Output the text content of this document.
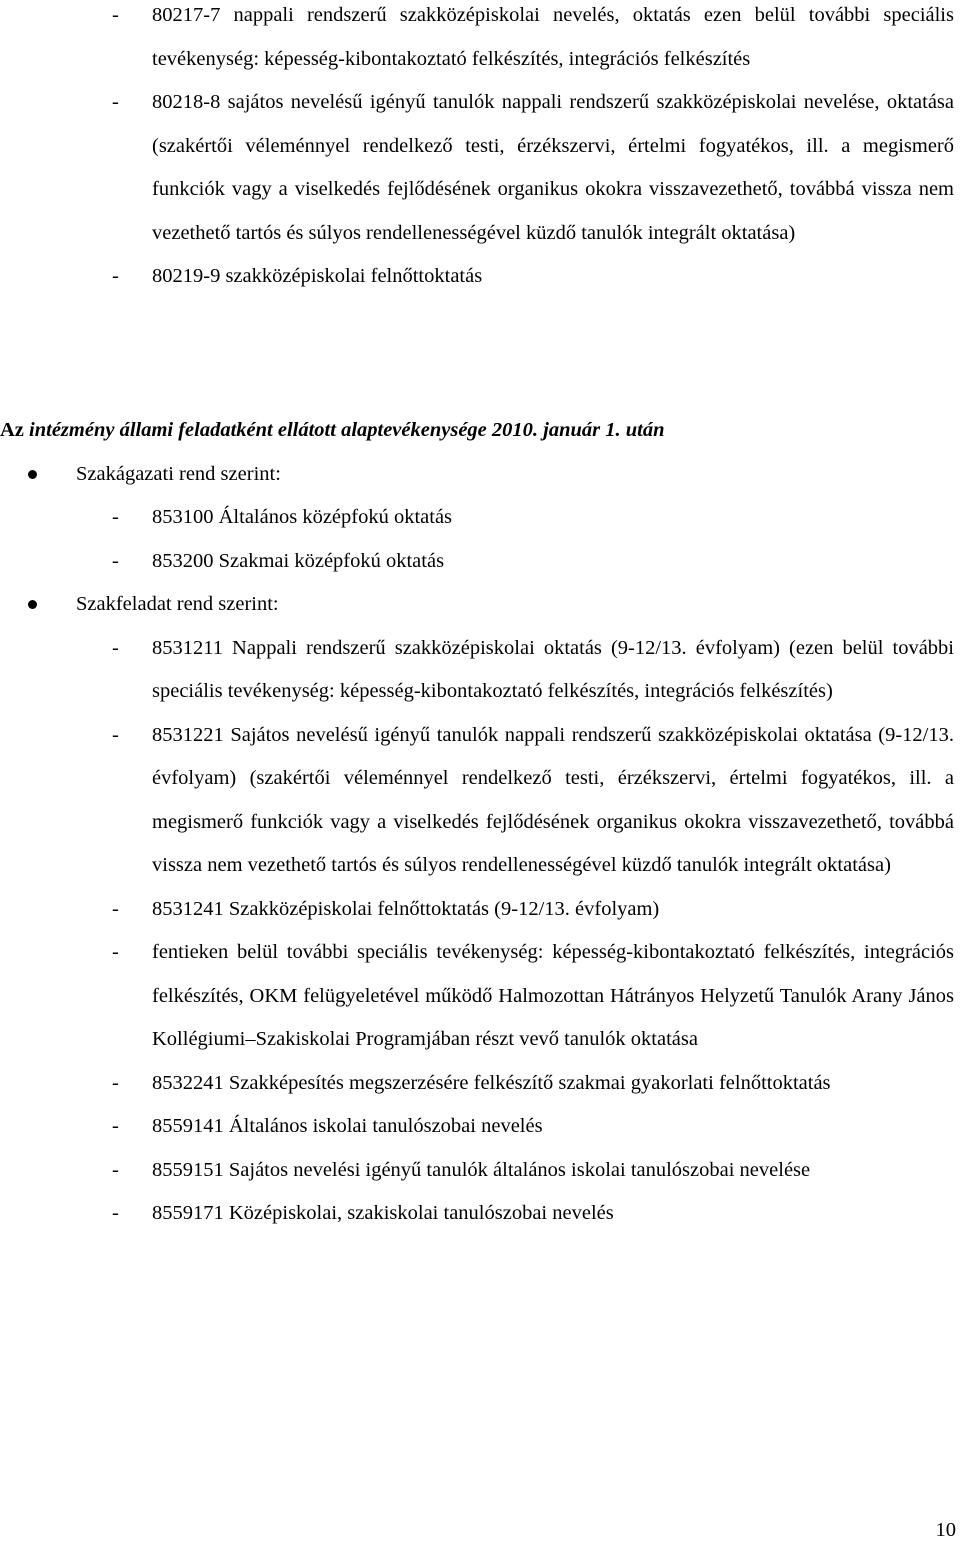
- 80217-7 nappali rendszerű szakközépiskolai nevelés, oktatás ezen belül további speciális tevékenység: képesség-kibontakoztató felkészítés, integrációs felkészítés
- 80218-8 sajátos nevelésű igényű tanulók nappali rendszerű szakközépiskolai nevelése, oktatása (szakértői véleménnyel rendelkező testi, érzékszervi, értelmi fogyatékos, ill. a megismerő funkciók vagy a viselkedés fejlődésének organikus okokra visszavezethető, továbbá vissza nem vezethető tartós és súlyos rendellenességével küzdő tanulók integrált oktatása)
- 80219-9 szakközépiskolai felnőttoktatás
Az intézmény állami feladatként ellátott alaptevékenysége 2010. január 1. után
Szakágazati rend szerint:
- 853100 Általános középfokú oktatás
- 853200 Szakmai középfokú oktatás
Szakfeladat rend szerint:
- 8531211 Nappali rendszerű szakközépiskolai oktatás (9-12/13. évfolyam) (ezen belül további speciális tevékenység: képesség-kibontakoztató felkészítés, integrációs felkészítés)
- 8531221 Sajátos nevelésű igényű tanulók nappali rendszerű szakközépiskolai oktatása (9-12/13. évfolyam) (szakértői véleménnyel rendelkező testi, érzékszervi, értelmi fogyatékos, ill. a megismerő funkciók vagy a viselkedés fejlődésének organikus okokra visszavezethető, továbbá vissza nem vezethető tartós és súlyos rendellenességével küzdő tanulók integrált oktatása)
- 8531241 Szakközépiskolai felnőttoktatás (9-12/13. évfolyam)
- fentieken belül további speciális tevékenység: képesség-kibontakoztató felkészítés, integrációs felkészítés, OKM felügyeletével működő Halmozottan Hátrányos Helyzetű Tanulók Arany János Kollégiumi–Szakiskolai Programjában részt vevő tanulók oktatása
- 8532241 Szakképesítés megszerzésére felkészítő szakmai gyakorlati felnőttoktatás
- 8559141 Általános iskolai tanulószobai nevelés
- 8559151 Sajátos nevelési igényű tanulók általános iskolai tanulószobai nevelése
- 8559171 Középiskolai, szakiskolai tanulószobai nevelés
10
